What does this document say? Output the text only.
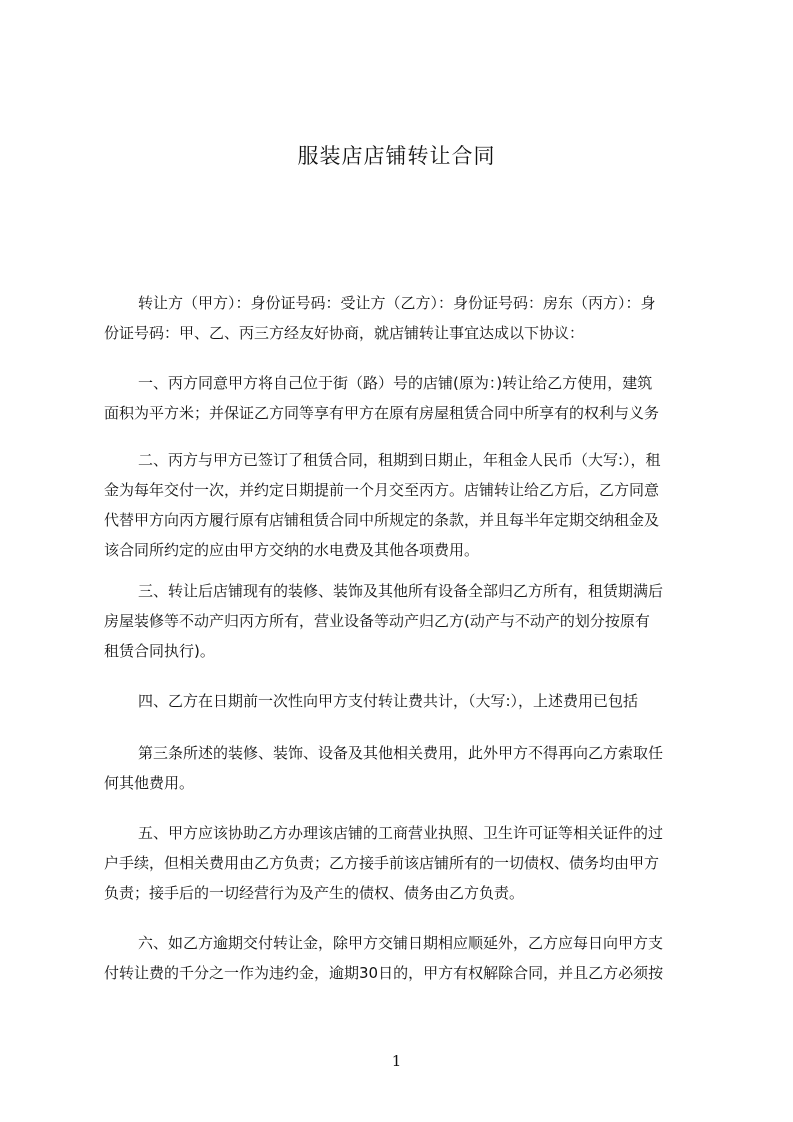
服装店店铺转让合同
转让方（甲方）：身份证号码：受让方（乙方）：身份证号码：房东（丙方）：身
份证号码：甲、乙、丙三方经友好协商，就店铺转让事宜达成以下协议：
一、丙方同意甲方将自己位于街（路）号的店铺(原为：)转让给乙方使用，建筑
面积为平方米；并保证乙方同等享有甲方在原有房屋租赁合同中所享有的权利与义务
二、丙方与甲方已签订了租赁合同，租期到日期止，年租金人民币（大写:），租
金为每年交付一次，并约定日期提前一个月交至丙方。店铺转让给乙方后，乙方同意
代替甲方向丙方履行原有店铺租赁合同中所规定的条款，并且每半年定期交纳租金及
该合同所约定的应由甲方交纳的水电费及其他各项费用。
三、转让后店铺现有的装修、装饰及其他所有设备全部归乙方所有，租赁期满后
房屋装修等不动产归丙方所有，营业设备等动产归乙方(动产与不动产的划分按原有
租赁合同执行)。
四、乙方在日期前一次性向甲方支付转让费共计，（大写:），上述费用已包括
第三条所述的装修、装饰、设备及其他相关费用，此外甲方不得再向乙方索取任
何其他费用。
五、甲方应该协助乙方办理该店铺的工商营业执照、卫生许可证等相关证件的过
户手续，但相关费用由乙方负责；乙方接手前该店铺所有的一切债权、债务均由甲方
负责；接手后的一切经营行为及产生的债权、债务由乙方负责。
六、如乙方逾期交付转让金，除甲方交铺日期相应顺延外，乙方应每日向甲方支
付转让费的千分之一作为违约金，逾期30日的，甲方有权解除合同，并且乙方必须按
1
